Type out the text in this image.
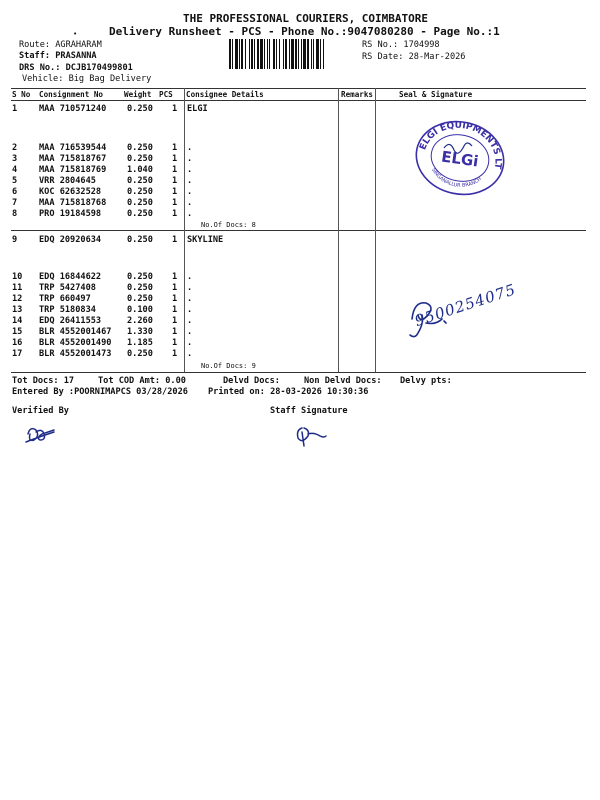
THE PROFESSIONAL COURIERS, COIMBATORE
Delivery Runsheet - PCS - Phone No.:9047080280 - Page No.:1
Route: AGRAHARAM
Staff: PRASANNA
DRS No.: DCJB170499801
Vehicle: Big Bag Delivery
RS No.: 1704998
RS Date: 28-Mar-2026
•
S No Consignment No	Weight PCS Consignee Details	Remarks	Seal & Signature
1	MAA 710571240 0.250 1 ELGI
2	MAA 716539544 0.250 1 .
3	MAA 715818767 0.250 1 .
4	MAA 715818769 1.040 1 .
5	VRR 2804645	0.250 1 .
6	KOC 62632528	0.250 1 .
7	MAA 715818768 0.250 1 .
8	PRO 19184598	0.250 1 .
No.Of Docs: 8
9	EDQ 20920634	0.250 1 SKYLINE
10 EDQ 16844622	0.250 1 .
11 TRP 5427408	0.250 1 .
12 TRP 660497	0.250 1 .
13 TRP 5180834	0.100 1 .
14 EDQ 26411553	2.260 1 .
15 BLR 4552001467 1.330 1 .
16 BLR 4552001490 1.185 1 .
17 BLR 4552001473 0.250 1 .
No.Of Docs: 9
ELGI EQUIPMENTS LTD
SINGANALLUR BRANCH
ELGi
9500254075
Tot Docs: 17	Tot COD Amt: 0.00	Delvd Docs:	Non Delvd Docs: Delvy pts:
Entered By :POORNIMAPCS 03/28/2026 Printed on: 28-03-2026 10:30:36
Verified By	Staff Signature
